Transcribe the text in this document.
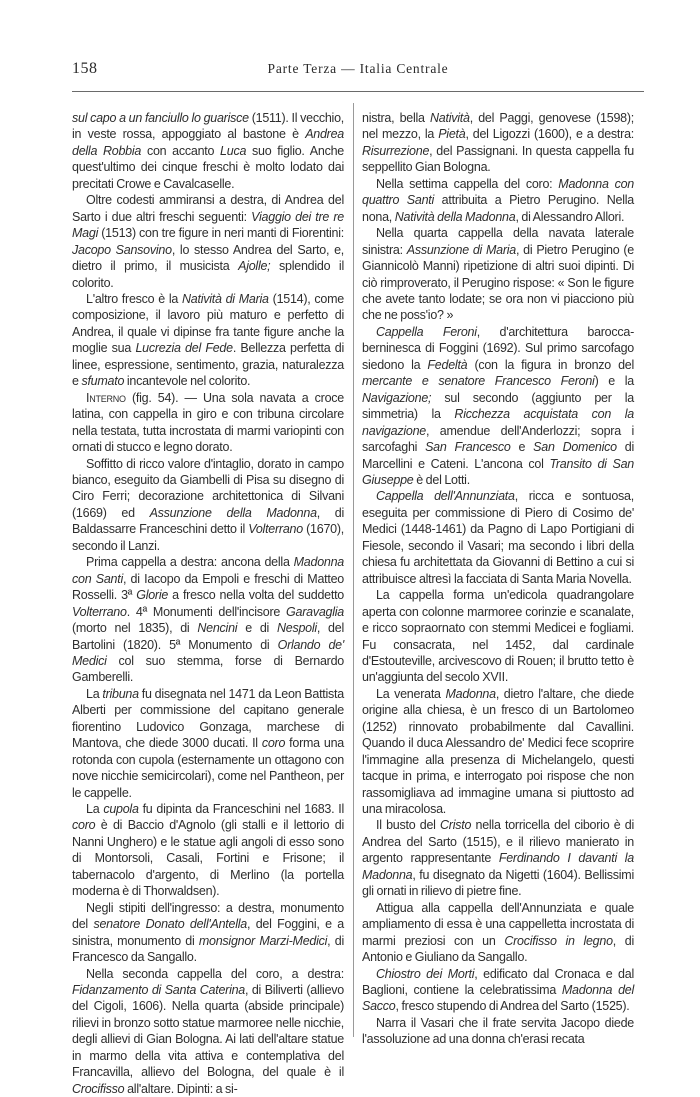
158	Parte Terza — Italia Centrale

sul capo a un fanciullo lo guarisce (1511). Il vecchio, in veste rossa, appoggiato al bastone è Andrea della Robbia con accanto Luca suo figlio. Anche quest'ultimo dei cinque freschi è molto lodato dai precitati Crowe e Cavalcaselle.

Oltre codesti ammiransi a destra, di Andrea del Sarto i due altri freschi seguenti: Viaggio dei tre re Magi (1513) con tre figure in neri manti di Fiorentini: Jacopo Sansovino, lo stesso Andrea del Sarto, e, dietro il primo, il musicista Ajolle; splendido il colorito.

L'altro fresco è la Natività di Maria (1514), come composizione, il lavoro più maturo e perfetto di Andrea, il quale vi dipinse fra tante figure anche la moglie sua Lucrezia del Fede. Bellezza perfetta di linee, espressione, sentimento, grazia, naturalezza e sfumato incantevole nel colorito.

Interno (fig. 54). — Una sola navata a croce latina, con cappella in giro e con tribuna circolare nella testata, tutta incrostata di marmi variopinti con ornati di stucco e legno dorato.

Soffitto di ricco valore d'intaglio, dorato in campo bianco, eseguito da Giambelli di Pisa su disegno di Ciro Ferri; decorazione architettonica di Silvani (1669) ed Assunzione della Madonna, di Baldassarre Franceschini detto il Volterrano (1670), secondo il Lanzi.

Prima cappella a destra: ancona della Madonna con Santi, di Iacopo da Empoli e freschi di Matteo Rosselli. 3ª Glorie a fresco nella volta del suddetto Volterrano. 4ª Monumenti dell'incisore Garavaglia (morto nel 1835), di Nencini e di Nespoli, del Bartolini (1820). 5ª Monumento di Orlando de' Medici col suo stemma, forse di Bernardo Gamberelli.

La tribuna fu disegnata nel 1471 da Leon Battista Alberti per commissione del capitano generale fiorentino Ludovico Gonzaga, marchese di Mantova, che diede 3000 ducati. Il coro forma una rotonda con cupola (esternamente un ottagono con nove nicchie semicircolari), come nel Pantheon, per le cappelle.

La cupola fu dipinta da Franceschini nel 1683. Il coro è di Baccio d'Agnolo (gli stalli e il lettorio di Nanni Unghero) e le statue agli angoli di esso sono di Montorsoli, Casali, Fortini e Frisone; il tabernacolo d'argento, di Merlino (la portella moderna è di Thorwaldsen).

Negli stipiti dell'ingresso: a destra, monumento del senatore Donato dell'Antella, del Foggini, e a sinistra, monumento di monsignor Marzi-Medici, di Francesco da Sangallo.

Nella seconda cappella del coro, a destra: Fidanzamento di Santa Caterina, di Biliverti (allievo del Cigoli, 1606). Nella quarta (abside principale) rilievi in bronzo sotto statue marmoree nelle nicchie, degli allievi di Gian Bologna. Ai lati dell'altare statue in marmo della vita attiva e contemplativa del Francavilla, allievo del Bologna, del quale è il Crocifisso all'altare. Dipinti: a si-

nistra, bella Natività, del Paggi, genovese (1598); nel mezzo, la Pietà, del Ligozzi (1600), e a destra: Risurrezione, del Passignani. In questa cappella fu seppellito Gian Bologna.

Nella settima cappella del coro: Madonna con quattro Santi attribuita a Pietro Perugino. Nella nona, Natività della Madonna, di Alessandro Allori.

Nella quarta cappella della navata laterale sinistra: Assunzione di Maria, di Pietro Perugino (e Giannicolò Manni) ripetizione di altri suoi dipinti. Di ciò rimproverato, il Perugino rispose: « Son le figure che avete tanto lodate; se ora non vi piacciono più che ne poss'io? »

Cappella Feroni, d'architettura barocca-berninesca di Foggini (1692). Sul primo sarcofago siedono la Fedeltà (con la figura in bronzo del mercante e senatore Francesco Feroni) e la Navigazione; sul secondo (aggiunto per la simmetria) la Ricchezza acquistata con la navigazione, amendue dell'Anderlozzi; sopra i sarcofaghi San Francesco e San Domenico di Marcellini e Cateni. L'ancona col Transito di San Giuseppe è del Lotti.

Cappella dell'Annunziata, ricca e sontuosa, eseguita per commissione di Piero di Cosimo de' Medici (1448-1461) da Pagno di Lapo Portigiani di Fiesole, secondo il Vasari; ma secondo i libri della chiesa fu architettata da Giovanni di Bettino a cui si attribuisce altresì la facciata di Santa Maria Novella.

La cappella forma un'edicola quadrangolare aperta con colonne marmoree corinzie e scanalate, e ricco sopraornato con stemmi Medicei e fogliami. Fu consacrata, nel 1452, dal cardinale d'Estouteville, arcivescovo di Rouen; il brutto tetto è un'aggiunta del secolo XVII.

La venerata Madonna, dietro l'altare, che diede origine alla chiesa, è un fresco di un Bartolomeo (1252) rinnovato probabilmente dal Cavallini. Quando il duca Alessandro de' Medici fece scoprire l'immagine alla presenza di Michelangelo, questi tacque in prima, e interrogato poi rispose che non rassomigliava ad immagine umana si piuttosto ad una miracolosa.

Il busto del Cristo nella torricella del ciborio è di Andrea del Sarto (1515), e il rilievo manierato in argento rappresentante Ferdinando I davanti la Madonna, fu disegnato da Nigetti (1604). Bellissimi gli ornati in rilievo di pietre fine.

Attigua alla cappella dell'Annunziata e quale ampliamento di essa è una cappelletta incrostata di marmi preziosi con un Crocifisso in legno, di Antonio e Giuliano da Sangallo.

Chiostro dei Morti, edificato dal Cronaca e dal Baglioni, contiene la celebratissima Madonna del Sacco, fresco stupendo di Andrea del Sarto (1525).

Narra il Vasari che il frate servita Jacopo diede l'assoluzione ad una donna ch'erasi recata
